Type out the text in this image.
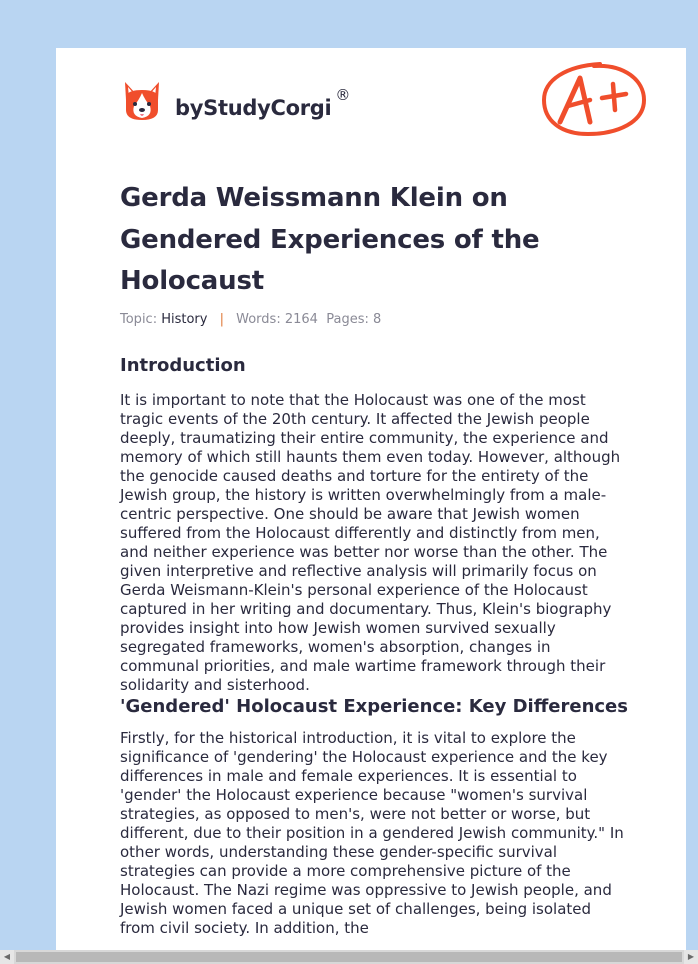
by StudyCorgi
®
Gerda Weissmann Klein on Gendered Experiences of the Holocaust
Topic: History | Words: 2164 Pages: 8
Introduction

It is important to note that the Holocaust was one of the most tragic events of the 20th century. It affected the Jewish people deeply, traumatizing their entire community, the experience and memory of which still haunts them even today. However, although the genocide caused deaths and torture for the entirety of the Jewish group, the history is written overwhelmingly from a male-centric perspective. One should be aware that Jewish women suffered from the Holocaust differently and distinctly from men, and neither experience was better nor worse than the other. The given interpretive and reflective analysis will primarily focus on Gerda Weismann-Klein's personal experience of the Holocaust captured in her writing and documentary. Thus, Klein's biography provides insight into how Jewish women survived sexually segregated frameworks, women's absorption, changes in communal priorities, and male wartime framework through their solidarity and sisterhood.

'Gendered' Holocaust Experience: Key Differences

Firstly, for the historical introduction, it is vital to explore the significance of 'gendering' the Holocaust experience and the key differences in male and female experiences. It is essential to 'gender' the Holocaust experience because "women's survival strategies, as opposed to men's, were not better or worse, but different, due to their position in a gendered Jewish community." In other words, understanding these gender-specific survival strategies can provide a more comprehensive picture of the Holocaust. The Nazi regime was oppressive to Jewish people, and Jewish women faced a unique set of challenges, being isolated from civil society. In addition, the

◀	▶
